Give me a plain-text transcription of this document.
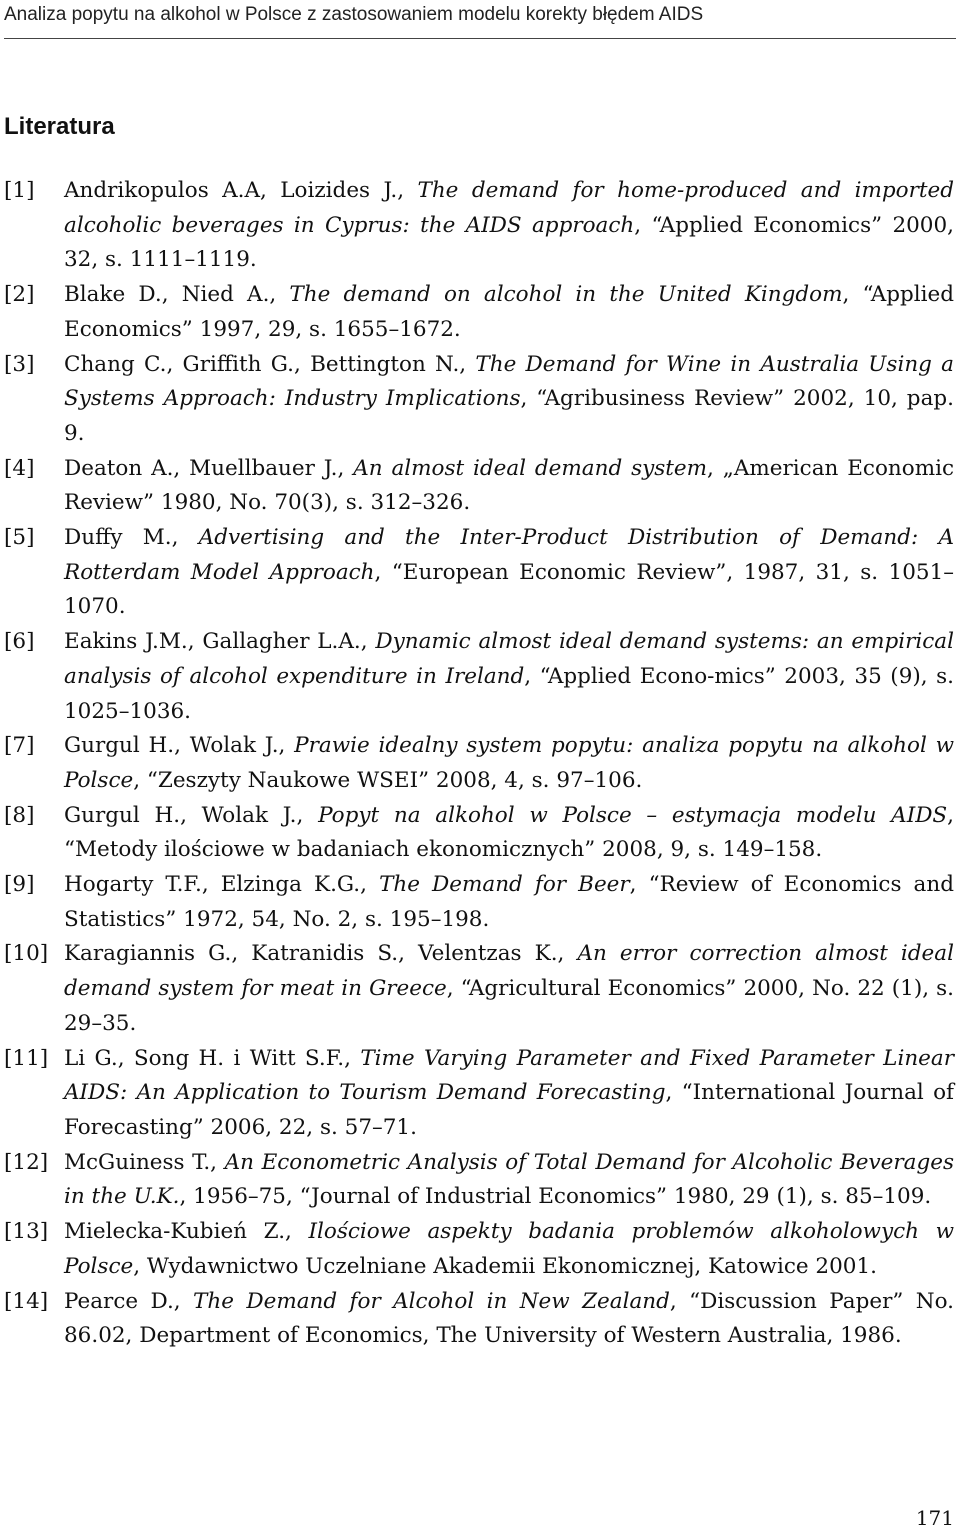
Analiza popytu na alkohol w Polsce z zastosowaniem modelu korekty błędem AIDS
Literatura
[1] Andrikopulos A.A, Loizides J., The demand for home-produced and imported alcoholic beverages in Cyprus: the AIDS approach, “Applied Economics” 2000, 32, s. 1111–1119.
[2] Blake D., Nied A., The demand on alcohol in the United Kingdom, “Applied Economics” 1997, 29, s. 1655–1672.
[3] Chang C., Griffith G., Bettington N., The Demand for Wine in Australia Using a Systems Approach: Industry Implications, “Agribusiness Review” 2002, 10, pap. 9.
[4] Deaton A., Muellbauer J., An almost ideal demand system, „American Economic Review” 1980, No. 70(3), s. 312–326.
[5] Duffy M., Advertising and the Inter-Product Distribution of Demand: A Rotterdam Model Approach, “European Economic Review”, 1987, 31, s. 1051–1070.
[6] Eakins J.M., Gallagher L.A., Dynamic almost ideal demand systems: an empirical analysis of alcohol expenditure in Ireland, “Applied Econo-mics” 2003, 35 (9), s. 1025–1036.
[7] Gurgul H., Wolak J., Prawie idealny system popytu: analiza popytu na alkohol w Polsce, “Zeszyty Naukowe WSEI” 2008, 4, s. 97–106.
[8] Gurgul H., Wolak J., Popyt na alkohol w Polsce – estymacja modelu AIDS, “Metody ilościowe w badaniach ekonomicznych” 2008, 9, s. 149–158.
[9] Hogarty T.F., Elzinga K.G., The Demand for Beer, “Review of Economics and Statistics” 1972, 54, No. 2, s. 195–198.
[10] Karagiannis G., Katranidis S., Velentzas K., An error correction almost ideal demand system for meat in Greece, “Agricultural Economics” 2000, No. 22 (1), s. 29–35.
[11] Li G., Song H. i Witt S.F., Time Varying Parameter and Fixed Parameter Linear AIDS: An Application to Tourism Demand Forecasting, “International Journal of Forecasting” 2006, 22, s. 57–71.
[12] McGuiness T., An Econometric Analysis of Total Demand for Alcoholic Beverages in the U.K., 1956–75, “Journal of Industrial Economics” 1980, 29 (1), s. 85–109.
[13] Mielecka-Kubień Z., Ilościowe aspekty badania problemów alkoholowych w Polsce, Wydawnictwo Uczelniane Akademii Ekonomicznej, Katowice 2001.
[14] Pearce D., The Demand for Alcohol in New Zealand, “Discussion Paper” No. 86.02, Department of Economics, The University of Western Australia, 1986.
171
